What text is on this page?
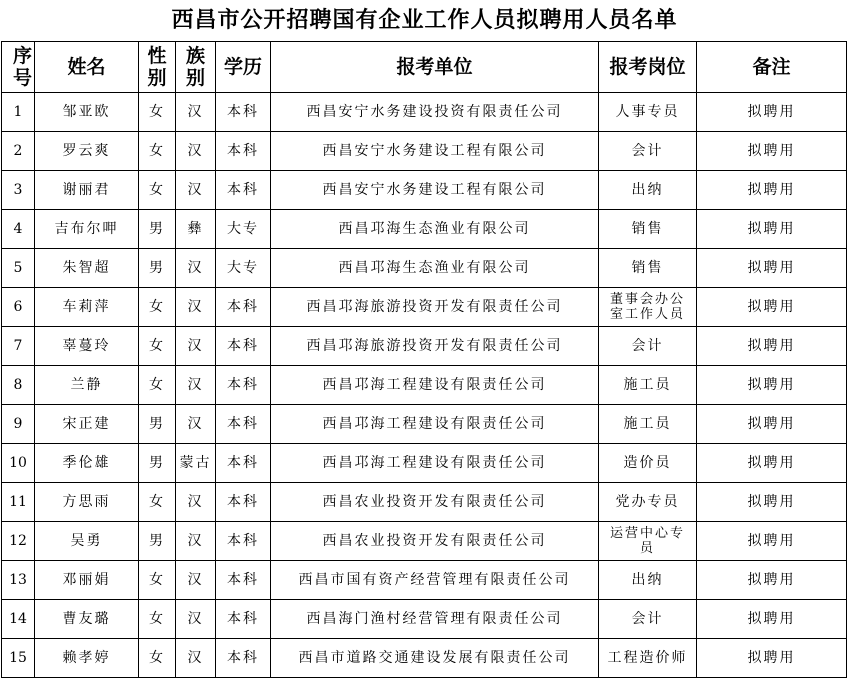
西昌市公开招聘国有企业工作人员拟聘用人员名单
序号	姓名	性别	族别	学历	报考单位	报考岗位	备注
1	邹亚欧	女	汉	本科	西昌安宁水务建设投资有限责任公司	人事专员	拟聘用
2	罗云爽	女	汉	本科	西昌安宁水务建设工程有限公司	会计	拟聘用
3	谢丽君	女	汉	本科	西昌安宁水务建设工程有限公司	出纳	拟聘用
4	吉布尔呷	男	彝	大专	西昌邛海生态渔业有限公司	销售	拟聘用
5	朱智超	男	汉	大专	西昌邛海生态渔业有限公司	销售	拟聘用
6	车莉萍	女	汉	本科	西昌邛海旅游投资开发有限责任公司	董事会办公室工作人员	拟聘用
7	辜蔓玲	女	汉	本科	西昌邛海旅游投资开发有限责任公司	会计	拟聘用
8	兰静	女	汉	本科	西昌邛海工程建设有限责任公司	施工员	拟聘用
9	宋正建	男	汉	本科	西昌邛海工程建设有限责任公司	施工员	拟聘用
10	季伦雄	男	蒙古	本科	西昌邛海工程建设有限责任公司	造价员	拟聘用
11	方思雨	女	汉	本科	西昌农业投资开发有限责任公司	党办专员	拟聘用
12	吴勇	男	汉	本科	西昌农业投资开发有限责任公司	运营中心专员	拟聘用
13	邓丽娟	女	汉	本科	西昌市国有资产经营管理有限责任公司	出纳	拟聘用
14	曹友璐	女	汉	本科	西昌海门渔村经营管理有限责任公司	会计	拟聘用
15	赖孝婷	女	汉	本科	西昌市道路交通建设发展有限责任公司	工程造价师	拟聘用
